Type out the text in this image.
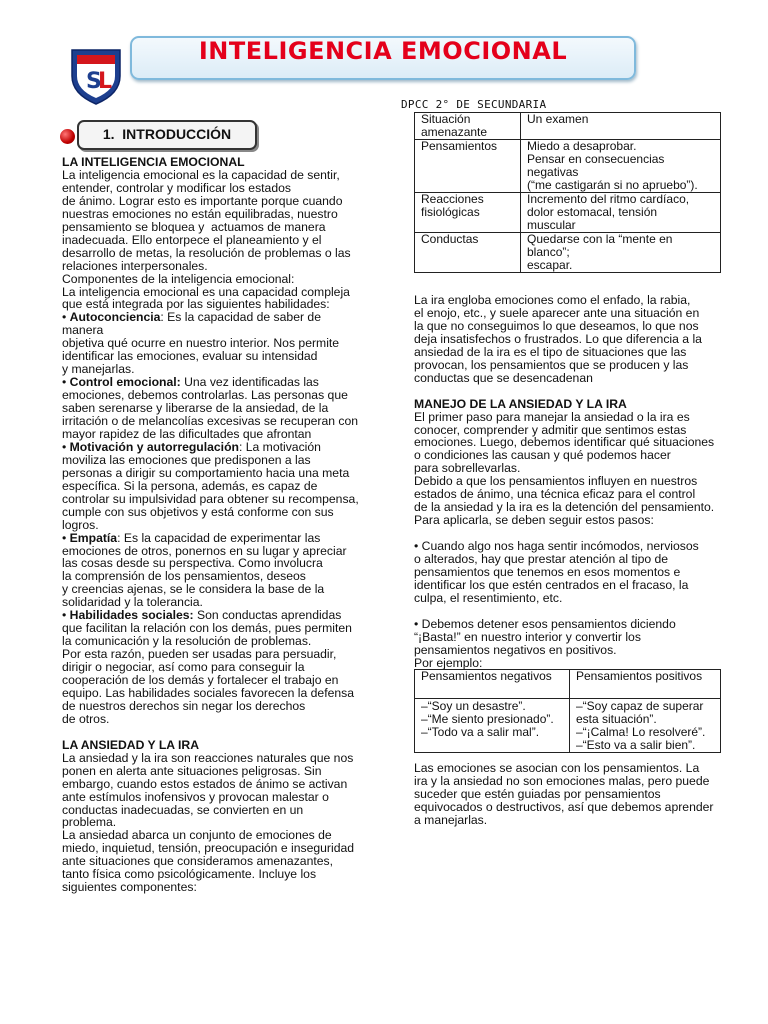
S
L
INTELIGENCIA EMOCIONAL
DPCC 2° DE SECUNDARIA
1. INTRODUCCIÓN
LA INTELIGENCIA EMOCIONAL
La inteligencia emocional es la capacidad de sentir,
entender, controlar y modificar los estados
de ánimo. Lograr esto es importante porque cuando
nuestras emociones no están equilibradas, nuestro
pensamiento se bloquea y  actuamos de manera
inadecuada. Ello entorpece el planeamiento y el
desarrollo de metas, la resolución de problemas o las
relaciones interpersonales.
Componentes de la inteligencia emocional:
La inteligencia emocional es una capacidad compleja
que está integrada por las siguientes habilidades:
• Autoconciencia: Es la capacidad de saber de
manera
objetiva qué ocurre en nuestro interior. Nos permite
identificar las emociones, evaluar su intensidad
y manejarlas.
• Control emocional: Una vez identificadas las
emociones, debemos controlarlas. Las personas que
saben serenarse y liberarse de la ansiedad, de la
irritación o de melancolías excesivas se recuperan con
mayor rapidez de las dificultades que afrontan
• Motivación y autorregulación: La motivación
moviliza las emociones que predisponen a las
personas a dirigir su comportamiento hacia una meta
específica. Si la persona, además, es capaz de
controlar su impulsividad para obtener su recompensa,
cumple con sus objetivos y está conforme con sus
logros.
• Empatía: Es la capacidad de experimentar las
emociones de otros, ponernos en su lugar y apreciar
las cosas desde su perspectiva. Como involucra
la comprensión de los pensamientos, deseos
y creencias ajenas, se le considera la base de la
solidaridad y la tolerancia.
• Habilidades sociales: Son conductas aprendidas
que facilitan la relación con los demás, pues permiten
la comunicación y la resolución de problemas.
Por esta razón, pueden ser usadas para persuadir,
dirigir o negociar, así como para conseguir la
cooperación de los demás y fortalecer el trabajo en
equipo. Las habilidades sociales favorecen la defensa
de nuestros derechos sin negar los derechos
de otros.
LA ANSIEDAD Y LA IRA
La ansiedad y la ira son reacciones naturales que nos
ponen en alerta ante situaciones peligrosas. Sin
embargo, cuando estos estados de ánimo se activan
ante estímulos inofensivos y provocan malestar o
conductas inadecuadas, se convierten en un
problema.
La ansiedad abarca un conjunto de emociones de
miedo, inquietud, tensión, preocupación e inseguridad
ante situaciones que consideramos amenazantes,
tanto física como psicológicamente. Incluye los
siguientes componentes:
Situación
amenazante	Un examen
Pensamientos	Miedo a desaprobar.
Pensar en consecuencias
negativas
(“me castigarán si no apruebo”).
Reacciones
fisiológicas	Incremento del ritmo cardíaco,
dolor estomacal, tensión
muscular
Conductas	Quedarse con la “mente en
blanco”;
escapar.
La ira engloba emociones como el enfado, la rabia,
el enojo, etc., y suele aparecer ante una situación en
la que no conseguimos lo que deseamos, lo que nos
deja insatisfechos o frustrados. Lo que diferencia a la
ansiedad de la ira es el tipo de situaciones que las
provocan, los pensamientos que se producen y las
conductas que se desencadenan
MANEJO DE LA ANSIEDAD Y LA IRA
El primer paso para manejar la ansiedad o la ira es
conocer, comprender y admitir que sentimos estas
emociones. Luego, debemos identificar qué situaciones
o condiciones las causan y qué podemos hacer
para sobrellevarlas.
Debido a que los pensamientos influyen en nuestros
estados de ánimo, una técnica eficaz para el control
de la ansiedad y la ira es la detención del pensamiento.
Para aplicarla, se deben seguir estos pasos:
• Cuando algo nos haga sentir incómodos, nerviosos
o alterados, hay que prestar atención al tipo de
pensamientos que tenemos en esos momentos e
identificar los que estén centrados en el fracaso, la
culpa, el resentimiento, etc.
• Debemos detener esos pensamientos diciendo
“¡Basta!” en nuestro interior y convertir los
pensamientos negativos en positivos.
Por ejemplo:
Pensamientos negativos	Pensamientos positivos
–“Soy un desastre”.
–“Me siento presionado”.
–“Todo va a salir mal”.	–“Soy capaz de superar
esta situación”.
–“¡Calma! Lo resolveré”.
–“Esto va a salir bien”.
Las emociones se asocian con los pensamientos. La
ira y la ansiedad no son emociones malas, pero puede
suceder que estén guiadas por pensamientos
equivocados o destructivos, así que debemos aprender
a manejarlas.
